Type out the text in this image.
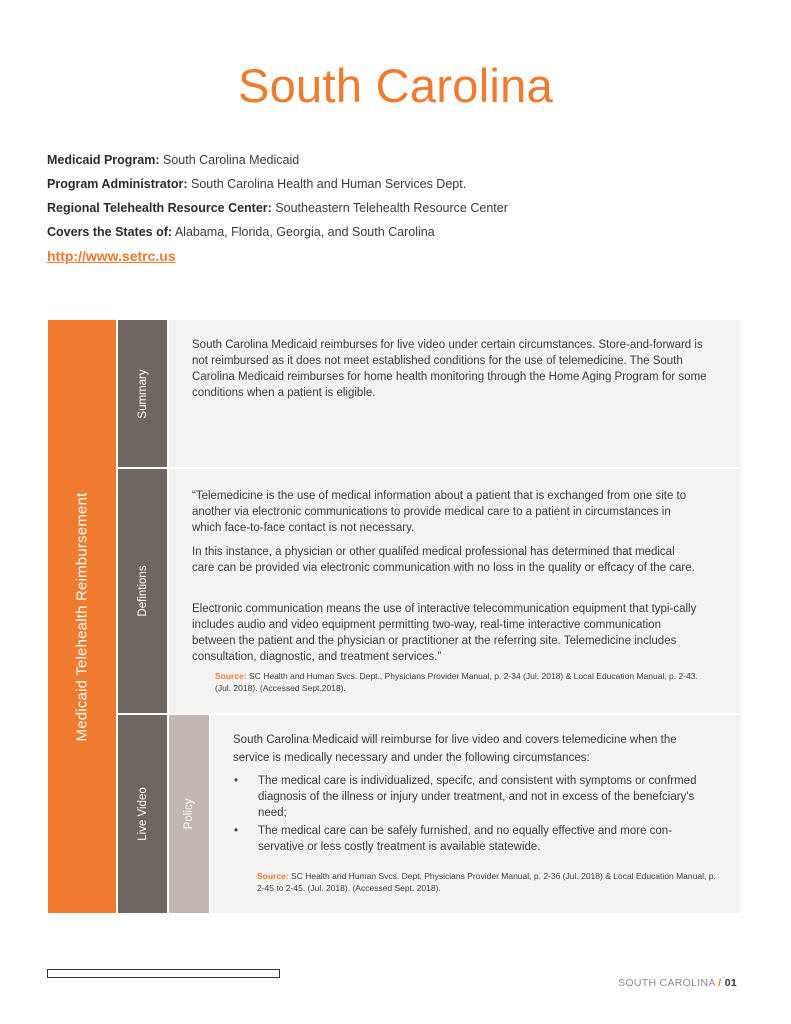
South Carolina
Medicaid Program: South Carolina Medicaid
Program Administrator: South Carolina Health and Human Services Dept.
Regional Telehealth Resource Center: Southeastern Telehealth Resource Center
Covers the States of: Alabama, Florida, Georgia, and South Carolina
http://www.setrc.us
Medicaid Telehealth Reimbursement
Summary

South Carolina Medicaid reimburses for live video under certain circumstances. Store-and-forward is not reimbursed as it does not meet established conditions for the use of telemedicine. The South Carolina Medicaid reimburses for home health monitoring through the Home Aging Program for some conditions when a patient is eligible.

Defintions

“Telemedicine is the use of medical information about a patient that is exchanged from one site to another via electronic communications to provide medical care to a patient in circumstances in which face-to-face contact is not necessary.

In this instance, a physician or other qualifed medical professional has determined that medical care can be provided via electronic communication with no loss in the quality or effcacy of the care.

Electronic communication means the use of interactive telecommunication equipment that typi-cally includes audio and video equipment permitting two-way, real-time interactive communication between the patient and the physician or practitioner at the referring site. Telemedicine includes consultation, diagnostic, and treatment services.”

Source: SC Health and Human Svcs. Dept., Physicians Provider Manual, p. 2-34 (Jul. 2018) & Local Education Manual, p. 2-43. (Jul. 2018). (Accessed Sept.2018).

Live Video	Policy

South Carolina Medicaid will reimburse for live video and covers telemedicine when the service is medically necessary and under the following circumstances:

• The medical care is individualized, specifc, and consistent with symptoms or confrmed diagnosis of the illness or injury under treatment, and not in excess of the benefciary's need;
• The medical care can be safely furnished, and no equally effective and more con-servative or less costly treatment is available statewide.

Source: SC Health and Human Svcs. Dept. Physicians Provider Manual, p. 2-36 (Jul. 2018) & Local Education Manual, p. 2-45 to 2-45. (Jul. 2018). (Accessed Sept. 2018).

SOUTH CAROLINA / 01
